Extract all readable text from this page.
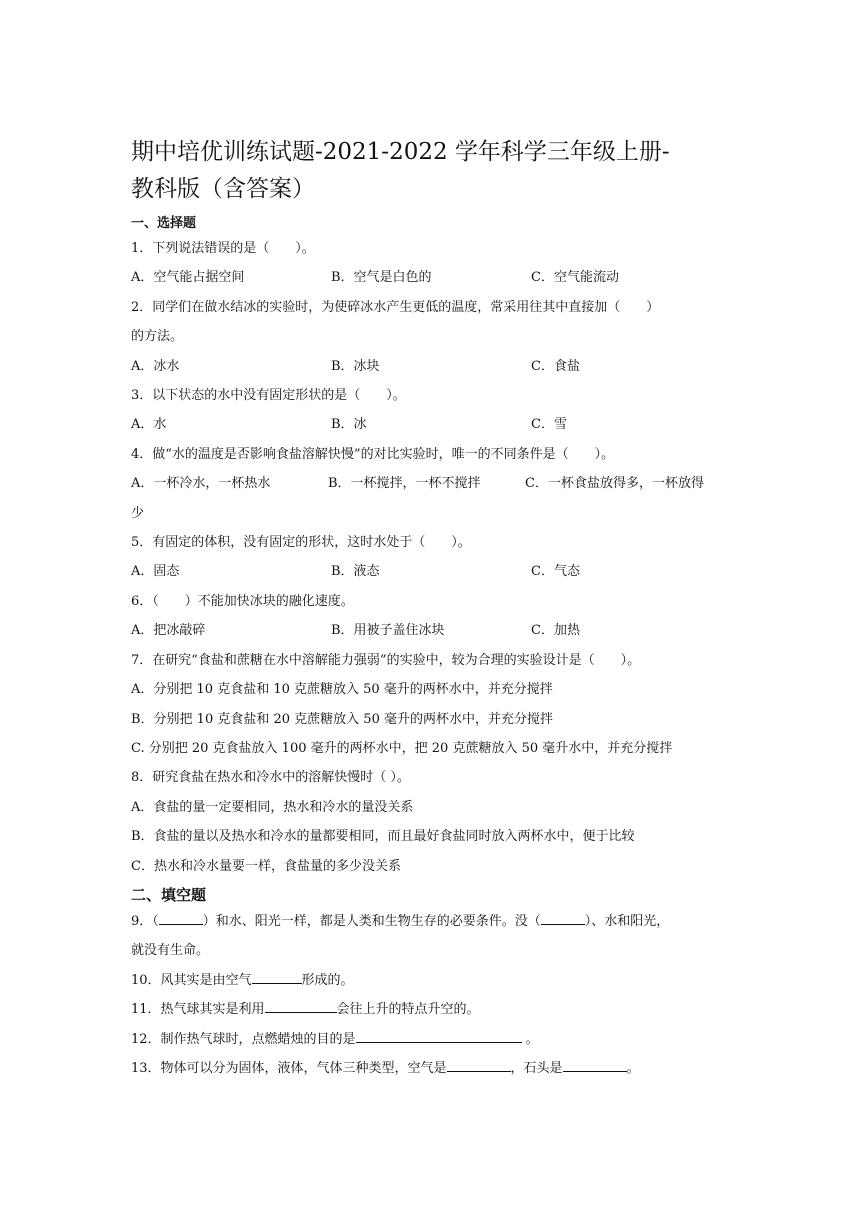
期中培优训练试题-2021-2022 学年科学三年级上册-
教科版（含答案）
一、选择题
1．下列说法错误的是（　　）。
A．空气能占据空间	B．空气是白色的	C．空气能流动
2．同学们在做水结冰的实验时，为使碎冰水产生更低的温度，常采用往其中直接加（　　）
的方法。
A．冰水	B．冰块	C．食盐
3．以下状态的水中没有固定形状的是（　　）。
A．水	B．冰	C．雪
4．做“水的温度是否影响食盐溶解快慢”的对比实验时，唯一的不同条件是（　　）。
A．一杯冷水，一杯热水	B．一杯搅拌，一杯不搅拌	C．一杯食盐放得多，一杯放得
少
5．有固定的体积，没有固定的形状，这时水处于（　　）。
A．固态	B．液态	C．气态
6．（　　）不能加快冰块的融化速度。
A．把冰敲碎	B．用被子盖住冰块	C．加热
7．在研究“食盐和蔗糖在水中溶解能力强弱”的实验中，较为合理的实验设计是（　　）。
A．分别把 10 克食盐和 10 克蔗糖放入 50 毫升的两杯水中，并充分搅拌
B．分别把 10 克食盐和 20 克蔗糖放入 50 毫升的两杯水中，并充分搅拌
C. 分别把 20 克食盐放入 100 毫升的两杯水中，把 20 克蔗糖放入 50 毫升水中，并充分搅拌
8．研究食盐在热水和冷水中的溶解快慢时（ ）。
A．食盐的量一定要相同，热水和冷水的量没关系
B．食盐的量以及热水和冷水的量都要相同，而且最好食盐同时放入两杯水中，便于比较
C．热水和冷水量要一样，食盐量的多少没关系
二、填空题
9．（	）和水、阳光一样，都是人类和生物生存的必要条件。没（	）、水和阳光，
就没有生命。
10．风其实是由空气	形成的。
11．热气球其实是利用	会往上升的特点升空的。
12．制作热气球时，点燃蜡烛的目的是	。
13．物体可以分为固体，液体，气体三种类型，空气是	，石头是	。
